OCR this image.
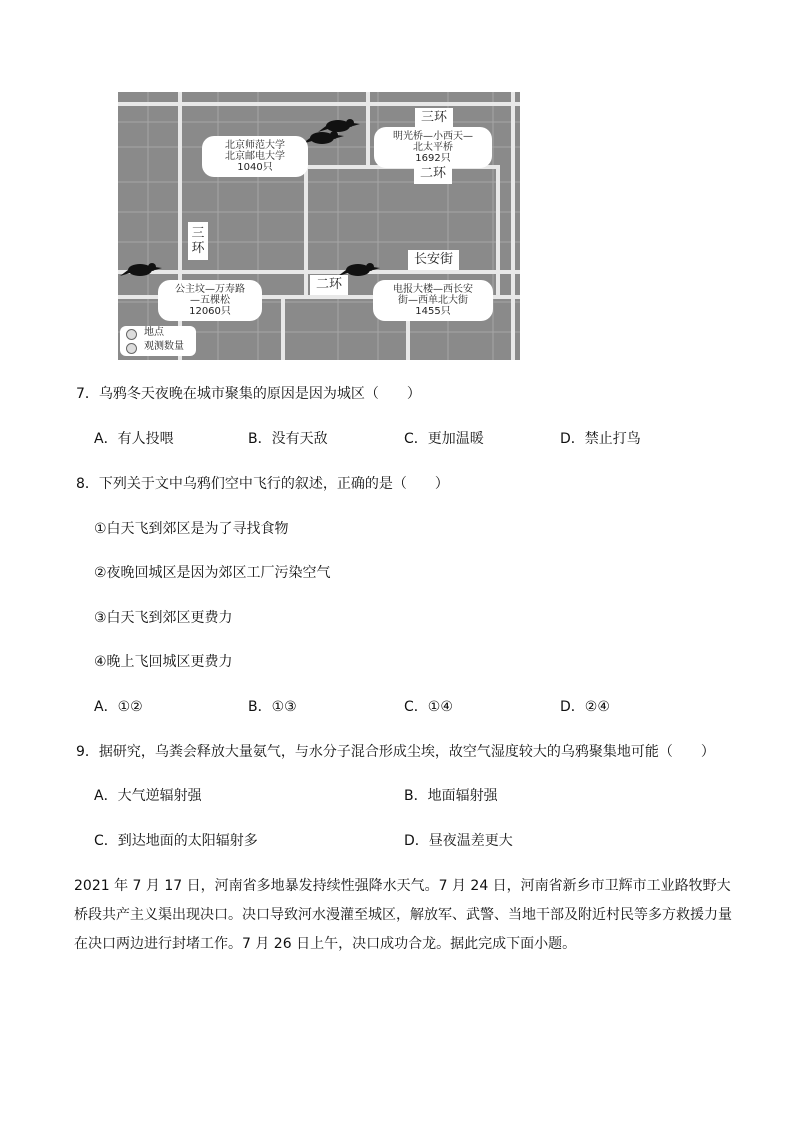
北京师范大学
北京邮电大学
1040只
明光桥—小西天—
北太平桥
1692只
公主坟—万寿路
—五棵松
12060只
电报大楼—西长安
街—西单北大街
1455只
三环
二环
三
环
长安街
二环
地点
观测数量
7．乌鸦冬天夜晚在城市聚集的原因是因为城区（　　）
A．有人投喂	B．没有天敌	C．更加温暖	D．禁止打鸟
8．下列关于文中乌鸦们空中飞行的叙述，正确的是（　　）
①白天飞到郊区是为了寻找食物
②夜晚回城区是因为郊区工厂污染空气
③白天飞到郊区更费力
④晚上飞回城区更费力
A．①②	B．①③	C．①④	D．②④
9．据研究，乌粪会释放大量氨气，与水分子混合形成尘埃，故空气湿度较大的乌鸦聚集地可能（　　）
A．大气逆辐射强	B．地面辐射强
C．到达地面的太阳辐射多	D．昼夜温差更大
2021 年 7 月 17 日，河南省多地暴发持续性强降水天气。7 月 24 日，河南省新乡市卫辉市工业路牧野大桥段共产主义渠出现决口。决口导致河水漫灌至城区，解放军、武警、当地干部及附近村民等多方救援力量在决口两边进行封堵工作。7 月 26 日上午，决口成功合龙。据此完成下面小题。
